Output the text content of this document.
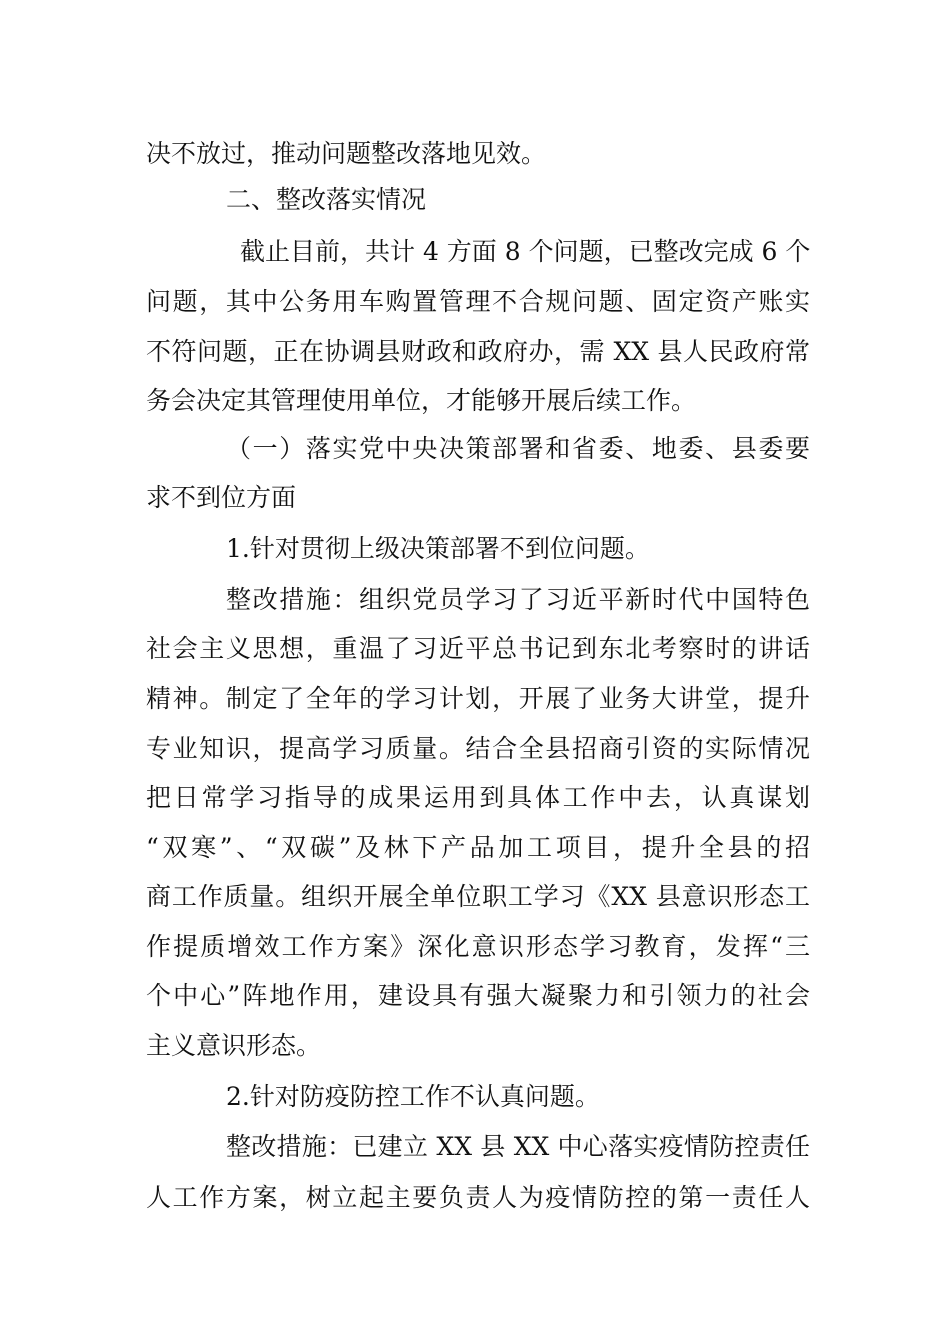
决不放过，推动问题整改落地见效。
二、整改落实情况
截止目前，共计 4 方面 8 个问题，已整改完成 6 个
问题，其中公务用车购置管理不合规问题、固定资产账实
不符问题，正在协调县财政和政府办，需 XX 县人民政府常
务会决定其管理使用单位，才能够开展后续工作。
（一）落实党中央决策部署和省委、地委、县委要
求不到位方面
1.针对贯彻上级决策部署不到位问题。
整改措施：组织党员学习了习近平新时代中国特色
社会主义思想，重温了习近平总书记到东北考察时的讲话
精神。制定了全年的学习计划，开展了业务大讲堂，提升
专业知识，提高学习质量。结合全县招商引资的实际情况
把日常学习指导的成果运用到具体工作中去，认真谋划
“双寒”、“双碳”及林下产品加工项目，提升全县的招
商工作质量。组织开展全单位职工学习《XX 县意识形态工
作提质增效工作方案》深化意识形态学习教育，发挥“三
个中心”阵地作用，建设具有强大凝聚力和引领力的社会
主义意识形态。
2.针对防疫防控工作不认真问题。
整改措施：已建立 XX 县 XX 中心落实疫情防控责任
人工作方案，树立起主要负责人为疫情防控的第一责任人
